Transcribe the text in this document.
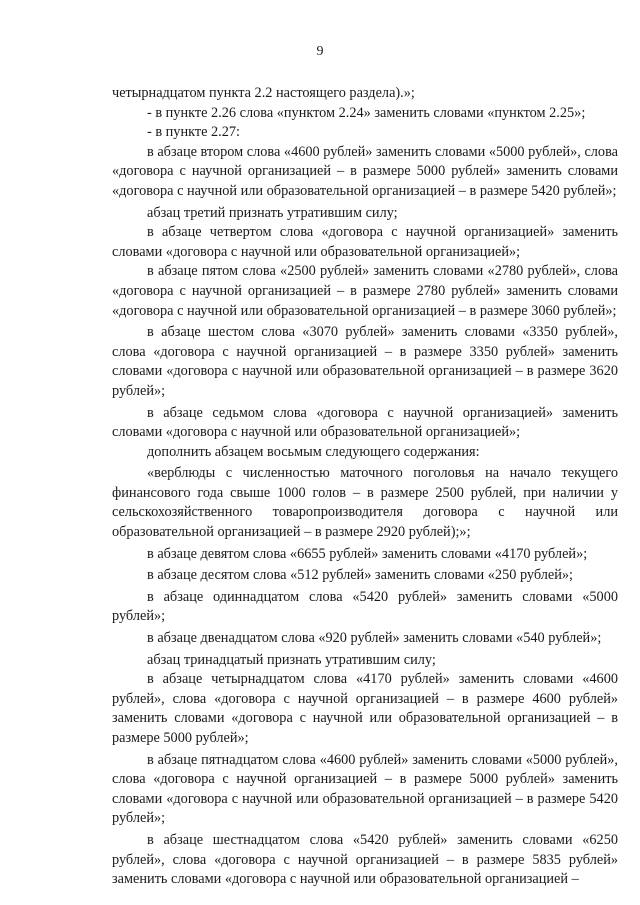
9

четырнадцатом пункта 2.2 настоящего раздела).»;

- в пункте 2.26 слова «пунктом 2.24» заменить словами «пунктом 2.25»;

- в пункте 2.27:

в абзаце втором слова «4600 рублей» заменить словами «5000 рублей», слова «договора с научной организацией – в размере 5000 рублей» заменить словами «договора с научной или образовательной организацией – в размере 5420 рублей»;

абзац третий признать утратившим силу;

в абзаце четвертом слова «договора с научной организацией» заменить словами «договора с научной или образовательной организацией»;

в абзаце пятом слова «2500 рублей» заменить словами «2780 рублей», слова «договора с научной организацией – в размере 2780 рублей» заменить словами «договора с научной или образовательной организацией – в размере 3060 рублей»;

в абзаце шестом слова «3070 рублей» заменить словами «3350 рублей», слова «договора с научной организацией – в размере 3350 рублей» заменить словами «договора с научной или образовательной организацией – в размере 3620 рублей»;

в абзаце седьмом слова «договора с научной организацией» заменить словами «договора с научной или образовательной организацией»;

дополнить абзацем восьмым следующего содержания:

«верблюды с численностью маточного поголовья на начало текущего финансового года свыше 1000 голов – в размере 2500 рублей, при наличии у сельскохозяйственного товаропроизводителя договора с научной или образовательной организацией – в размере 2920 рублей);»;

в абзаце девятом слова «6655 рублей» заменить словами «4170 рублей»;

в абзаце десятом слова «512 рублей» заменить словами «250 рублей»;

в абзаце одиннадцатом слова «5420 рублей» заменить словами «5000 рублей»;

в абзаце двенадцатом слова «920 рублей» заменить словами «540 рублей»;

абзац тринадцатый признать утратившим силу;

в абзаце четырнадцатом слова «4170 рублей» заменить словами «4600 рублей», слова «договора с научной организацией – в размере 4600 рублей» заменить словами «договора с научной или образовательной организацией – в размере 5000 рублей»;

в абзаце пятнадцатом слова «4600 рублей» заменить словами «5000 рублей», слова «договора с научной организацией – в размере 5000 рублей» заменить словами «договора с научной или образовательной организацией – в размере 5420 рублей»;

в абзаце шестнадцатом слова «5420 рублей» заменить словами «6250 рублей», слова «договора с научной организацией – в размере 5835 рублей» заменить словами «договора с научной или образовательной организацией –
